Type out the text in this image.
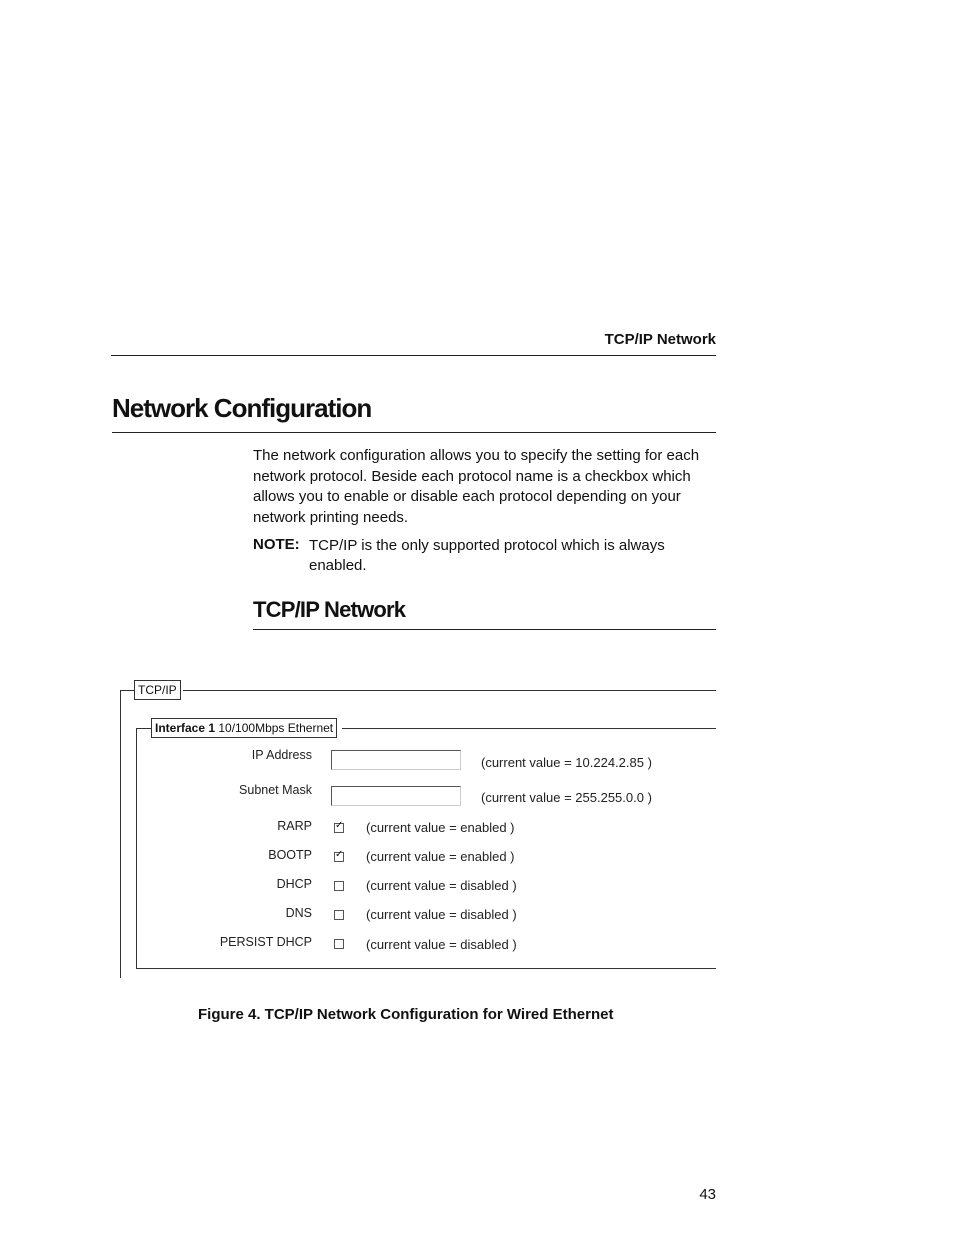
TCP/IP Network
Network Configuration
The network configuration allows you to specify the setting for each network protocol. Beside each protocol name is a checkbox which allows you to enable or disable each protocol depending on your network printing needs.
NOTE: TCP/IP is the only supported protocol which is always enabled.
TCP/IP Network
TCP/IP
Interface 1 10/100Mbps Ethernet
IP Address	(current value = 10.224.2.85 )
Subnet Mask	(current value = 255.255.0.0 )
RARP ✓ (current value = enabled )
BOOTP ✓ (current value = enabled )
DHCP	(current value = disabled )
DNS	(current value = disabled )
PERSIST DHCP	(current value = disabled )
Figure 4. TCP/IP Network Configuration for Wired Ethernet
43
